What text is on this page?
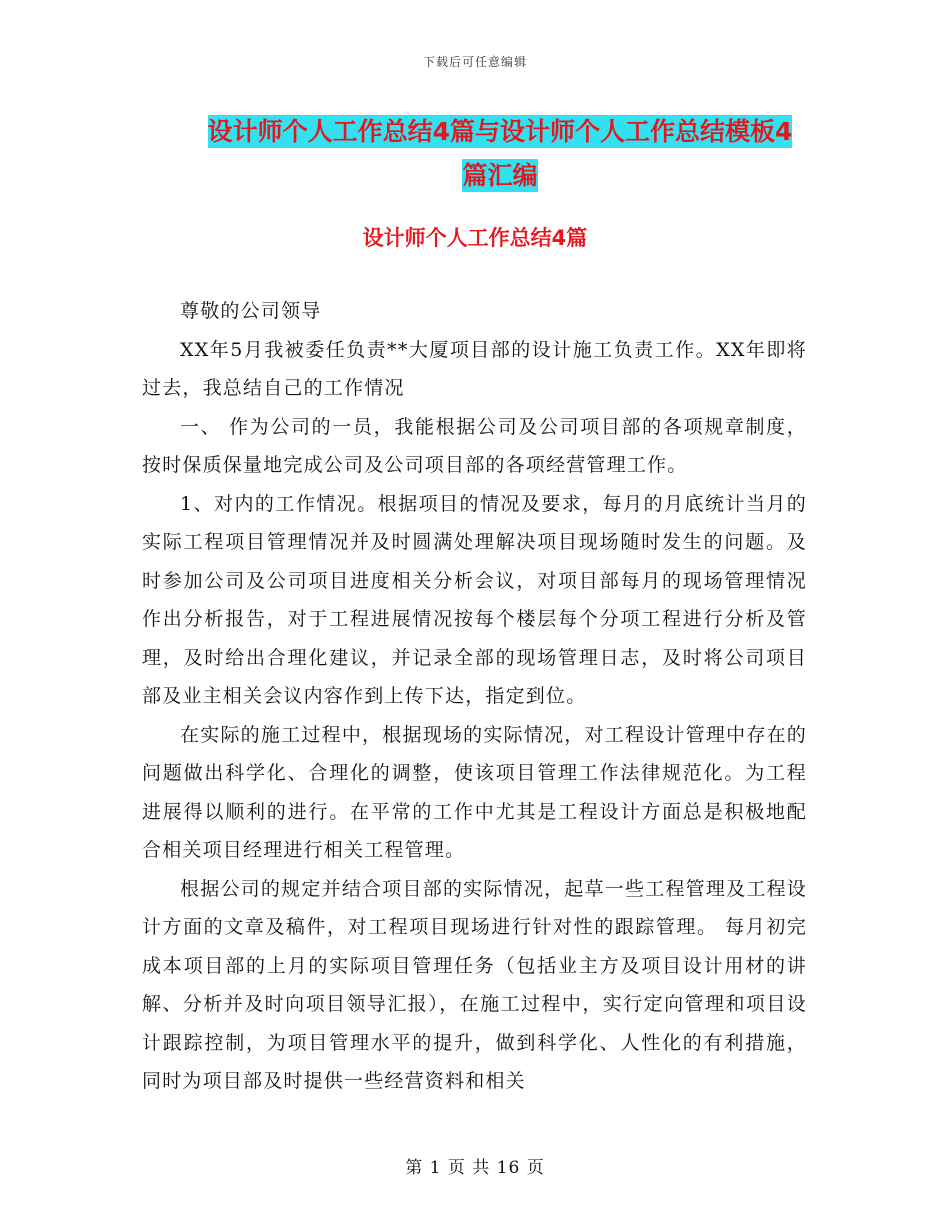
下载后可任意编辑
设计师个人工作总结4篇与设计师个人工作总结模板4
篇汇编
设计师个人工作总结4篇

尊敬的公司领导

XX年5月我被委任负责**大厦项目部的设计施工负责工作。XX年即将过去，我总结自己的工作情况

一、 作为公司的一员，我能根据公司及公司项目部的各项规章制度，按时保质保量地完成公司及公司项目部的各项经营管理工作。

1、对内的工作情况。根据项目的情况及要求，每月的月底统计当月的实际工程项目管理情况并及时圆满处理解决项目现场随时发生的问题。及时参加公司及公司项目进度相关分析会议，对项目部每月的现场管理情况作出分析报告，对于工程进展情况按每个楼层每个分项工程进行分析及管理，及时给出合理化建议，并记录全部的现场管理日志，及时将公司项目部及业主相关会议内容作到上传下达，指定到位。

在实际的施工过程中，根据现场的实际情况，对工程设计管理中存在的问题做出科学化、合理化的调整，使该项目管理工作法律规范化。为工程进展得以顺利的进行。在平常的工作中尤其是工程设计方面总是积极地配合相关项目经理进行相关工程管理。

根据公司的规定并结合项目部的实际情况，起草一些工程管理及工程设计方面的文章及稿件，对工程项目现场进行针对性的跟踪管理。 每月初完成本项目部的上月的实际项目管理任务（包括业主方及项目设计用材的讲解、分析并及时向项目领导汇报），在施工过程中，实行定向管理和项目设计跟踪控制，为项目管理水平的提升，做到科学化、人性化的有利措施，同时为项目部及时提供一些经营资料和相关

第 1 页 共 16 页
